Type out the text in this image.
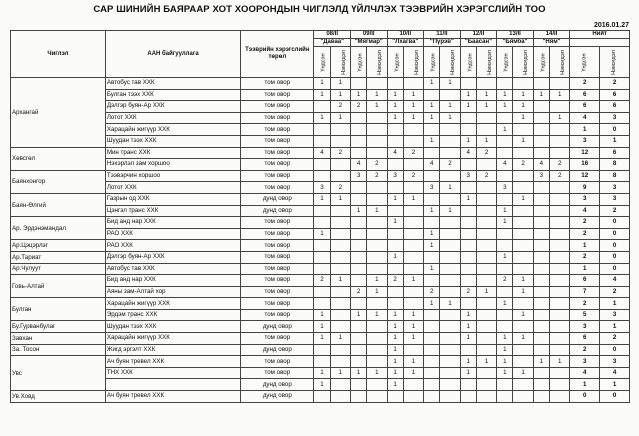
САР ШИНИЙН БАЯРААР ХОТ ХООРОНДЫН ЧИГЛЭЛД ҮЙЛЧЛЭХ ТЭЭВРИЙН ХЭРЭГСЛИЙН ТОО
2016.01.27
Чиглэл	ААН байгууллага	Тээврийн хэрэгслийн төрөл	08/II		09/II		10/II		11/II		12/II		13/II		14/II		Нийт	
			"Даваа"		"Мягмар"		"Лхагва"		"Пүрэв"		"Баасан"		"Бямба"		"Ням"			
			Үндсэн	Нэмэгдэл	Үндсэн	Нэмэгдэл	Үндсэн	Нэмэгдэл	Үндсэн	Нэмэгдэл	Үндсэн	Нэмэгдэл	Үндсэн	Нэмэгдэл	Үндсэн	Нэмэгдэл	Үндсэн	Нэмэгдэл
Архангай	Автобус тав ХХК	том овор	1	1					1	1							2	2
	Булган тээх ХХК	том овор	1	1	1	1	1	1			1	1	1	1	1	1	6	6
	Дэлгэр буян-Ар ХХК	том овор		2	2	1	1	1	1	1	1	1	1	1			6	6
	Лотот ХХК	том овор	1	1			1	1	1	1				1		1	4	3
	Харацайн жигүүр ХХК	том овор											1				1	0
	Шуудан тээх ХХК	том овор							1		1	1		1			3	1
Хөвсгөл	Мин транс ХХК	том овор	4	2			4	2			4	2					12	6
	Нэхэрлэл зам хоршоо	том овор			4	2			4	2			4	2	4	2	16	8
Баянхонгор	Тээвэрчин хоршоо	том овор			3	2	3	2			3	2			3	2	12	8
	Лотот ХХК	том овор	3	2					3	1			3				9	3
Баян-Өлгий	Газрын од ХХК	дунд овор	1	1			1	1			1			1			3	3
	Цэнгэл транс ХХК	дунд овор			1	1			1	1			1				4	2
Ар. Эрдэнэмандал	Бид анд нар ХХК	том овор					1						1				2	0
	РАО ХХК	том овор	1						1								2	0
Ар.Цэцэрлэг	РАО ХХК	том овор							1								1	0
Ар.Тариат	Дэлгэр буян-Ар ХХК	том овор					1						1				2	0
Ар.Чулуут	Автобус тав ХХК	том овор							1								1	0
Говь-Алтай	Бид анд нар ХХК	том овор	2	1		1	2	1					2	1			6	4
	Аяны зам-Алтай хор	том овор			2	1			2		2	1		1			7	2
Булган	Харацайн жигүүр ХХК	том овор							1	1			1				2	1
	Эрдэм транс ХХК	том овор	1		1	1	1	1			1			1			5	3
Бу.Гурванбулаг	Шуудан тээх ХХК	дунд овор	1				1	1			1						3	1
Завхан	Харацайн жигүүр ХХК	том овор	1	1			1	1			1		1	1			6	2
За. Тосон	Жигд эргэлт ХХК	дунд овор					1						1				2	0
Увс	Ач буян тревел ХХК	том овор					1	1			1	1	1		1	1	3	3
	ТНХ ХХК	том овор	1	1	1	1	1	1			1		1	1			4	4
		дунд овор	1				1										1	1
Ув.Ховд	Ач буян тревел ХХК	дунд овор															0	0
